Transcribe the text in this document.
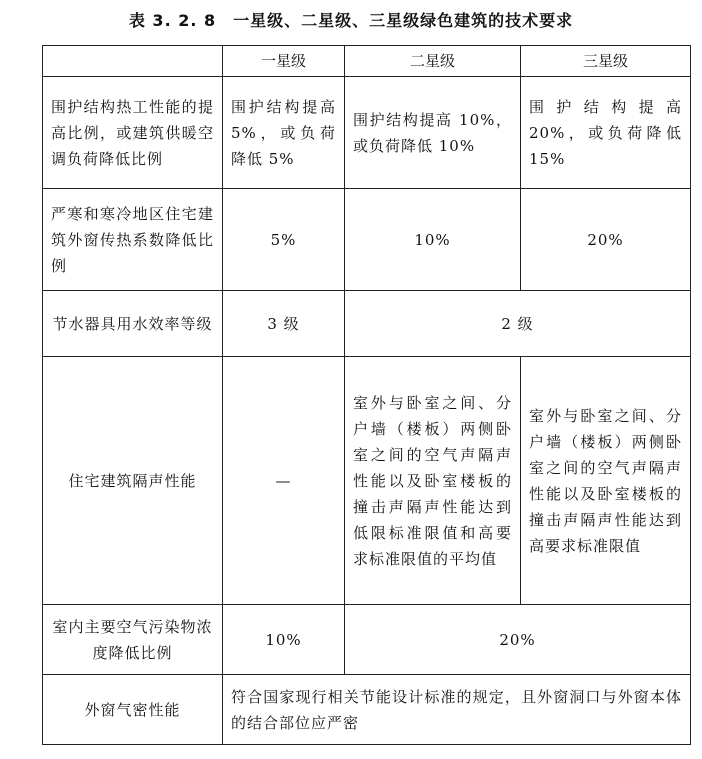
表 3. 2. 8　一星级、二星级、三星级绿色建筑的技术要求
	一星级	二星级	三星级
围护结构热工性能的提高比例，或建筑供暖空调负荷降低比例	围护结构提高 5%，或负荷降低 5%	围护结构提高 10%，或负荷降低 10%	围护结构提高 20%，或负荷降低 15%
严寒和寒冷地区住宅建筑外窗传热系数降低比例	5%	10%	20%
节水器具用水效率等级	3 级	2 级	
住宅建筑隔声性能	—	室外与卧室之间、分户墙（楼板）两侧卧室之间的空气声隔声性能以及卧室楼板的撞击声隔声性能达到低限标准限值和高要求标准限值的平均值	室外与卧室之间、分户墙（楼板）两侧卧室之间的空气声隔声性能以及卧室楼板的撞击声隔声性能达到高要求标准限值
室内主要空气污染物浓度降低比例	10%	20%	
外窗气密性能	符合国家现行相关节能设计标准的规定，且外窗洞口与外窗本体的结合部位应严密		
